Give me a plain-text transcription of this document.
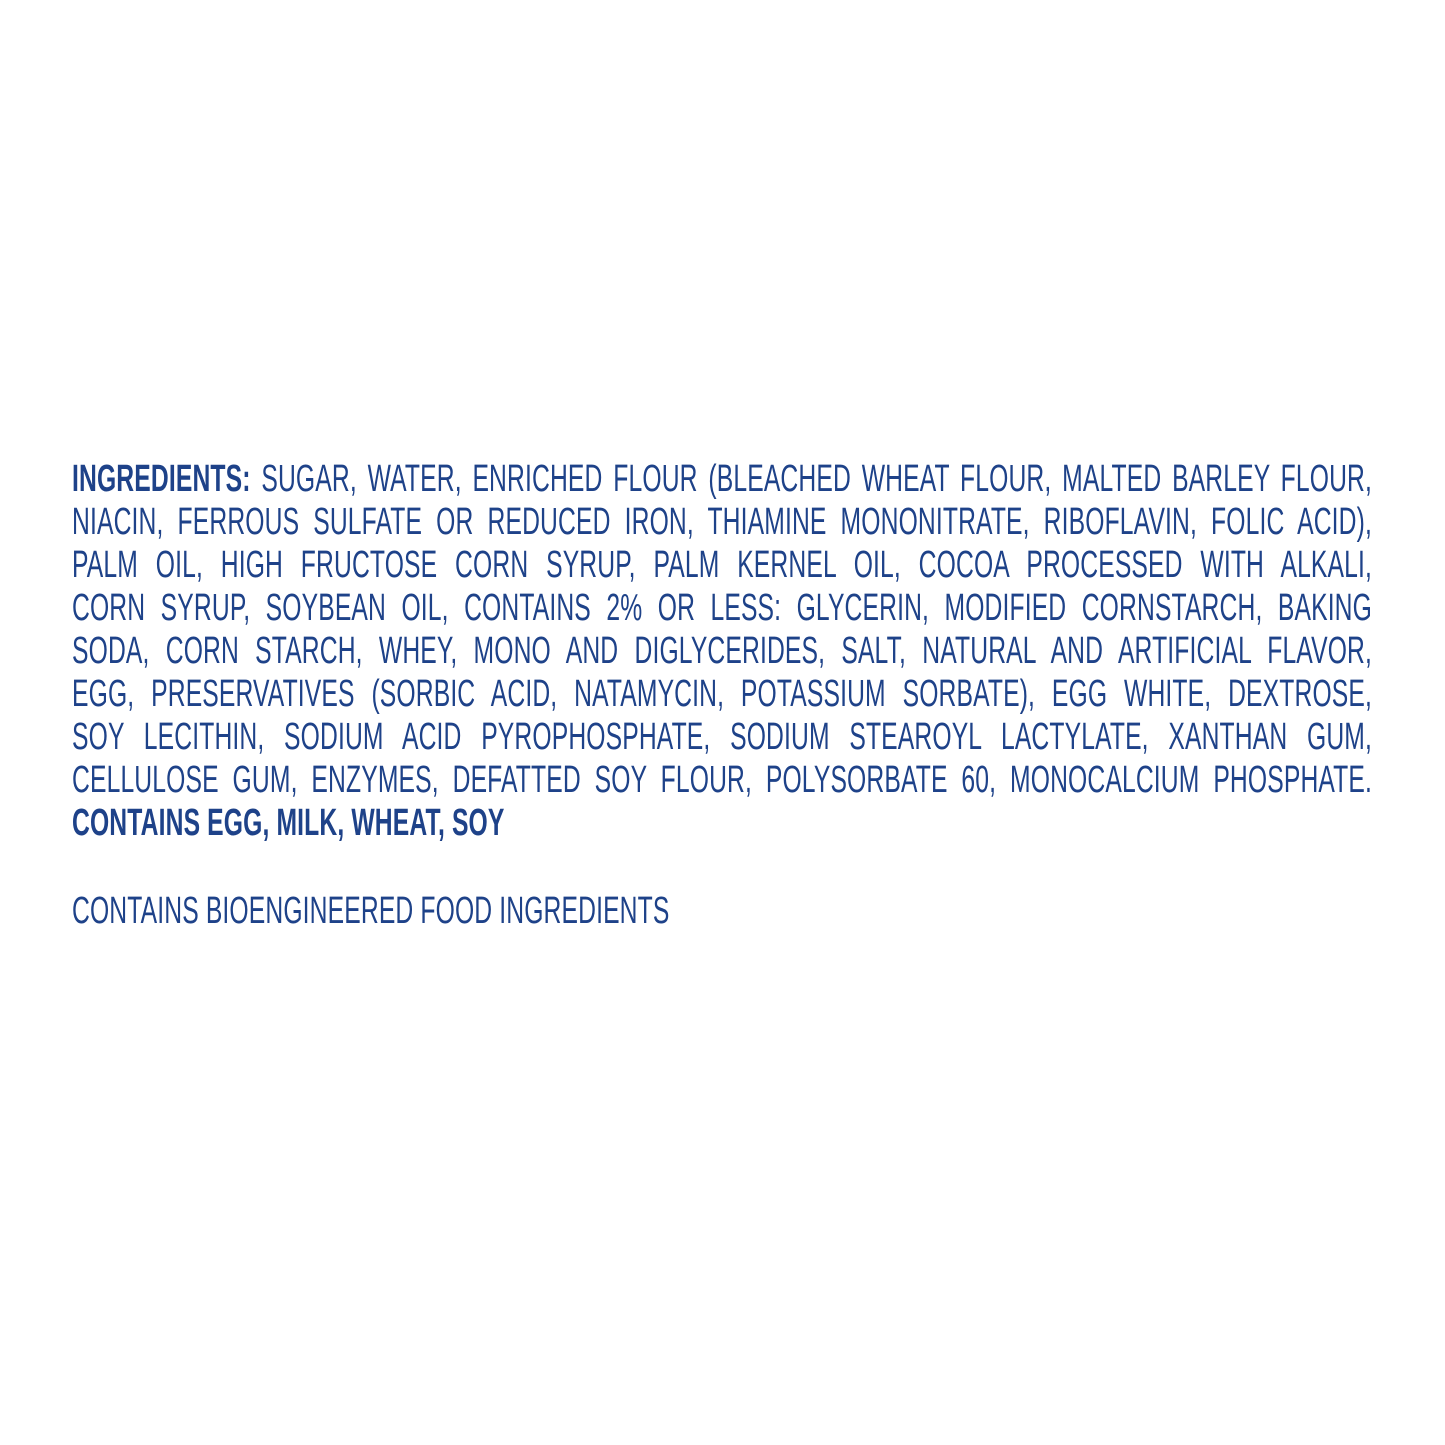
INGREDIENTS: SUGAR, WATER, ENRICHED FLOUR (BLEACHED WHEAT FLOUR, MALTED BARLEY FLOUR,

NIACIN, FERROUS SULFATE OR REDUCED IRON, THIAMINE MONONITRATE, RIBOFLAVIN, FOLIC ACID),

PALM OIL, HIGH FRUCTOSE CORN SYRUP, PALM KERNEL OIL, COCOA PROCESSED WITH ALKALI,

CORN SYRUP, SOYBEAN OIL, CONTAINS 2% OR LESS: GLYCERIN, MODIFIED CORNSTARCH, BAKING

SODA, CORN STARCH, WHEY, MONO AND DIGLYCERIDES, SALT, NATURAL AND ARTIFICIAL FLAVOR,

EGG, PRESERVATIVES (SORBIC ACID, NATAMYCIN, POTASSIUM SORBATE), EGG WHITE, DEXTROSE,

SOY LECITHIN, SODIUM ACID PYROPHOSPHATE, SODIUM STEAROYL LACTYLATE, XANTHAN GUM,

CELLULOSE GUM, ENZYMES, DEFATTED SOY FLOUR, POLYSORBATE 60, MONOCALCIUM PHOSPHATE.

CONTAINS EGG, MILK, WHEAT, SOY

CONTAINS BIOENGINEERED FOOD INGREDIENTS
